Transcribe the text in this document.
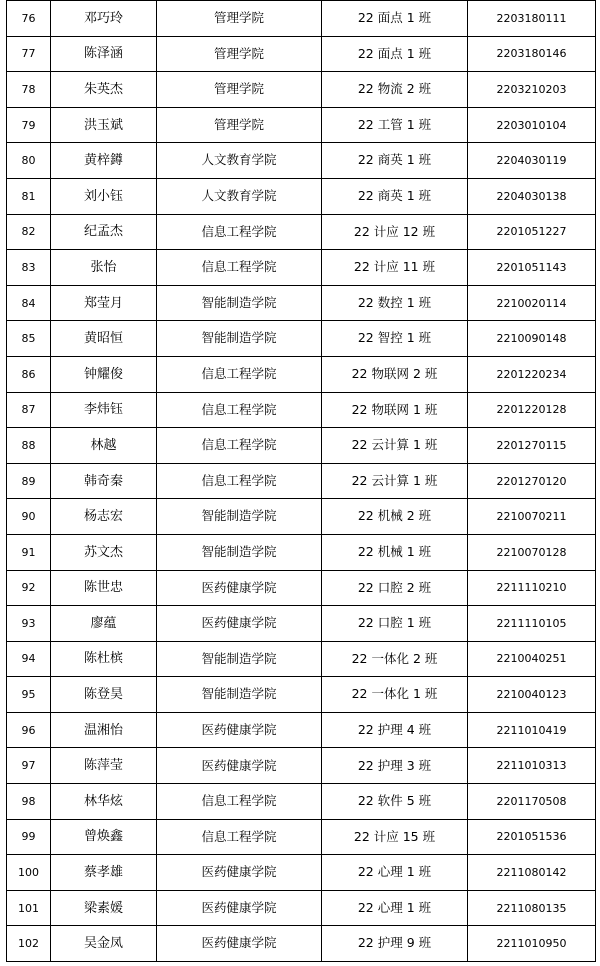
76	邓巧玲	管理学院	22 面点 1 班	2203180111
77	陈泽涵	管理学院	22 面点 1 班	2203180146
78	朱英杰	管理学院	22 物流 2 班	2203210203
79	洪玉斌	管理学院	22 工管 1 班	2203010104
80	黄梓鐏	人文教育学院	22 商英 1 班	2204030119
81	刘小钰	人文教育学院	22 商英 1 班	2204030138
82	纪孟杰	信息工程学院	22 计应 12 班	2201051227
83	张怡	信息工程学院	22 计应 11 班	2201051143
84	郑莹月	智能制造学院	22 数控 1 班	2210020114
85	黄昭恒	智能制造学院	22 智控 1 班	2210090148
86	钟耀俊	信息工程学院	22 物联网 2 班	2201220234
87	李炜钰	信息工程学院	22 物联网 1 班	2201220128
88	林越	信息工程学院	22 云计算 1 班	2201270115
89	韩奇秦	信息工程学院	22 云计算 1 班	2201270120
90	杨志宏	智能制造学院	22 机械 2 班	2210070211
91	苏文杰	智能制造学院	22 机械 1 班	2210070128
92	陈世忠	医药健康学院	22 口腔 2 班	2211110210
93	廖蕴	医药健康学院	22 口腔 1 班	2211110105
94	陈杜槟	智能制造学院	22 一体化 2 班	2210040251
95	陈登昊	智能制造学院	22 一体化 1 班	2210040123
96	温湘怡	医药健康学院	22 护理 4 班	2211010419
97	陈萍莹	医药健康学院	22 护理 3 班	2211010313
98	林华炫	信息工程学院	22 软件 5 班	2201170508
99	曾焕鑫	信息工程学院	22 计应 15 班	2201051536
100	蔡孝雄	医药健康学院	22 心理 1 班	2211080142
101	梁素媛	医药健康学院	22 心理 1 班	2211080135
102	吴金凤	医药健康学院	22 护理 9 班	2211010950
